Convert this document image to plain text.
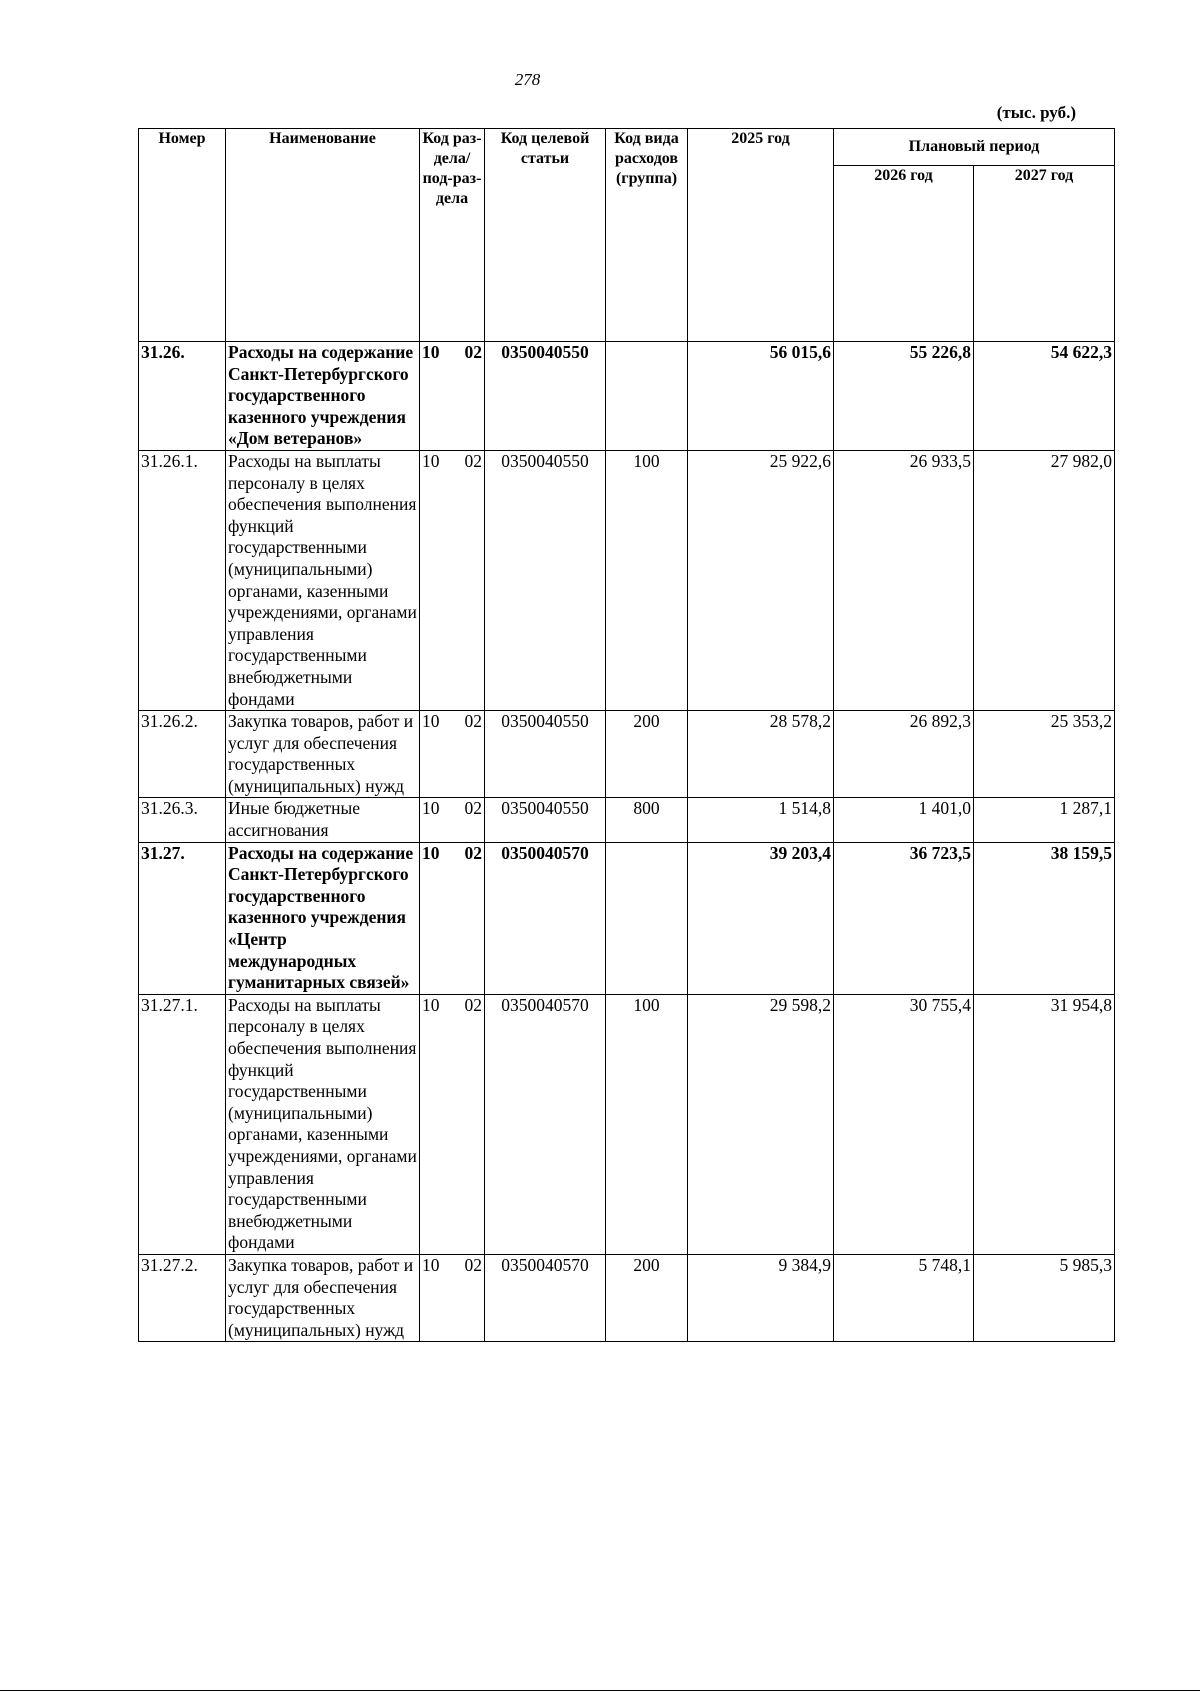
278
(тыс. руб.)
Номер	Наименование	Код раз-дела/ под-раз-дела	Код целевой статьи	Код вида расходов (группа)	2025 год	Плановый период	
						2026 год	2027 год
31.26.	Расходы на содержание Санкт-Петербургского государственного казенного учреждения «Дом ветеранов»	10 02	0350040550		56 015,6	55 226,8	54 622,3
31.26.1.	Расходы на выплаты персоналу в целях обеспечения выполнения функций государственными (муниципальными) органами, казенными учреждениями, органами управления государственными внебюджетными фондами	10 02	0350040550	100	25 922,6	26 933,5	27 982,0
31.26.2.	Закупка товаров, работ и услуг для обеспечения государственных (муниципальных) нужд	10 02	0350040550	200	28 578,2	26 892,3	25 353,2
31.26.3.	Иные бюджетные ассигнования	10 02	0350040550	800	1 514,8	1 401,0	1 287,1
31.27.	Расходы на содержание Санкт-Петербургского государственного казенного учреждения «Центр международных гуманитарных связей»	10 02	0350040570		39 203,4	36 723,5	38 159,5
31.27.1.	Расходы на выплаты персоналу в целях обеспечения выполнения функций государственными (муниципальными) органами, казенными учреждениями, органами управления государственными внебюджетными фондами	10 02	0350040570	100	29 598,2	30 755,4	31 954,8
31.27.2.	Закупка товаров, работ и услуг для обеспечения государственных (муниципальных) нужд	10 02	0350040570	200	9 384,9	5 748,1	5 985,3
